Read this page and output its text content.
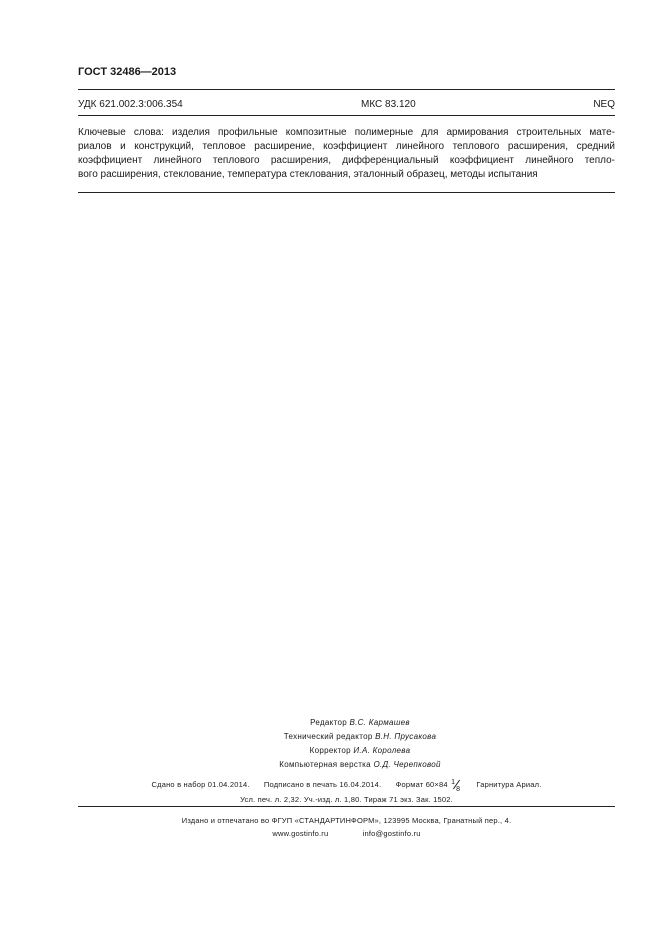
ГОСТ 32486—2013
УДК 621.002.3:006.354	МКС 83.120	NEQ
Ключевые слова: изделия профильные композитные полимерные для армирования строительных мате-
риалов и конструкций, тепловое расширение, коэффициент линейного теплового расширения, средний
коэффициент линейного теплового расширения, дифференциальный коэффициент линейного тепло-
вого расширения, стеклование, температура стеклования, эталонный образец, методы испытания
Редактор В.С. Кармашев
Технический редактор В.Н. Прусакова
Корректор И.А. Королева
Компьютерная верстка О.Д. Черепковой
Сдано в набор 01.04.2014. Подписано в печать 16.04.2014. Формат 60×84 1
8
Гарнитура Ариал.
Усл. печ. л. 2,32. Уч.-изд. л. 1,80. Тираж 71 экз. Зак. 1502.
Издано и отпечатано во ФГУП «СТАНДАРТИНФОРМ», 123995 Москва, Гранатный пер., 4.
www.gostinfo.ru	info@gostinfo.ru
